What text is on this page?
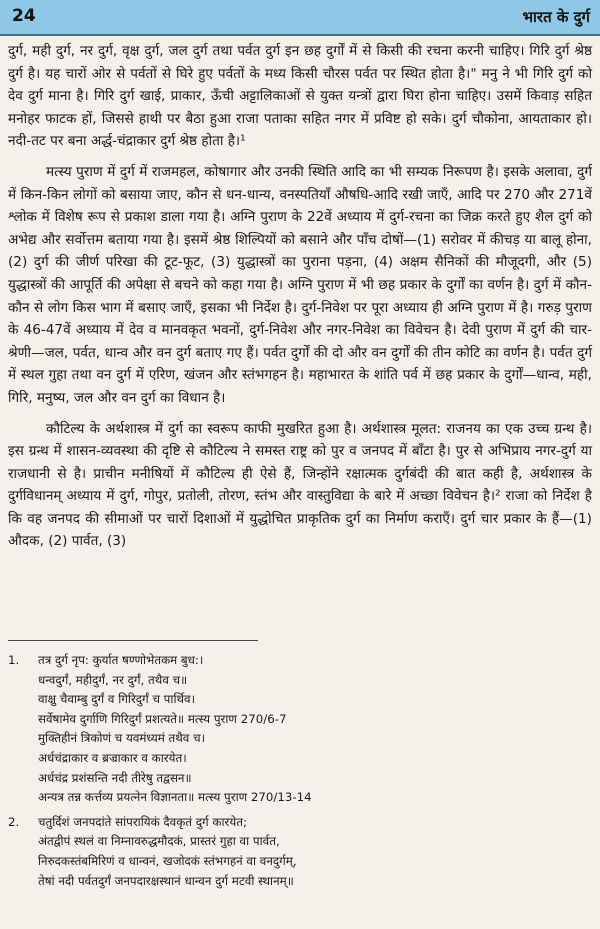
24	भारत के दुर्ग

दुर्ग, मही दुर्ग, नर दुर्ग, वृक्ष दुर्ग, जल दुर्ग तथा पर्वत दुर्ग इन छह दुर्गों में से किसी की रचना करनी चाहिए। गिरि दुर्ग श्रेष्ठ दुर्ग है। यह चारों ओर से पर्वतों से घिरे हुए पर्वतों के मध्य किसी चौरस पर्वत पर स्थित होता है।" मनु ने भी गिरि दुर्ग को देव दुर्ग माना है। गिरि दुर्ग खाई, प्राकार, ऊँची अट्टालिकाओं से युक्त यन्त्रों द्वारा घिरा होना चाहिए। उसमें किवाड़ सहित मनोहर फाटक हों, जिससे हाथी पर बैठा हुआ राजा पताका सहित नगर में प्रविष्ट हो सके। दुर्ग चौकोना, आयताकार हो। नदी-तट पर बना अर्द्ध-चंद्राकार दुर्ग श्रेष्ठ होता है।¹

मत्स्य पुराण में दुर्ग में राजमहल, कोषागार और उनकी स्थिति आदि का भी सम्यक निरूपण है। इसके अलावा, दुर्ग में किन-किन लोगों को बसाया जाए, कौन से धन-धान्य, वनस्पतियाँ औषधि-आदि रखी जाएँ, आदि पर 270 और 271वें श्लोक में विशेष रूप से प्रकाश डाला गया है। अग्नि पुराण के 22वें अध्याय में दुर्ग-रचना का जिक्र करते हुए शैल दुर्ग को अभेद्य और सर्वोत्तम बताया गया है। इसमें श्रेष्ठ शिल्पियों को बसाने और पाँच दोषों—(1) सरोवर में कीचड़ या बालू होना, (2) दुर्ग की जीर्ण परिखा की टूट-फूट, (3) युद्धास्त्रों का पुराना पड़ना, (4) अक्षम सैनिकों की मौजूदगी, और (5) युद्धास्त्रों की आपूर्ति की अपेक्षा से बचने को कहा गया है। अग्नि पुराण में भी छह प्रकार के दुर्गों का वर्णन है। दुर्ग में कौन-कौन से लोग किस भाग में बसाए जाएँ, इसका भी निर्देश है। दुर्ग-निवेश पर पूरा अध्याय ही अग्नि पुराण में है। गरुड़ पुराण के 46-47वें अध्याय में देव व मानवकृत भवनों, दुर्ग-निवेश और नगर-निवेश का विवेचन है। देवी पुराण में दुर्ग की चार-श्रेणी—जल, पर्वत, धान्व और वन दुर्ग बताए गए हैं। पर्वत दुर्गों की दो और वन दुर्गों की तीन कोटि का वर्णन है। पर्वत दुर्ग में स्थल गुहा तथा वन दुर्ग में एरिण, खंजन और स्तंभगहन है। महाभारत के शांति पर्व में छह प्रकार के दुर्गों—धान्व, मही, गिरि, मनुष्य, जल और वन दुर्ग का विधान है।

कौटिल्य के अर्थशास्त्र में दुर्ग का स्वरूप काफी मुखरित हुआ है। अर्थशास्त्र मूलत: राजनय का एक उच्च ग्रन्थ है। इस ग्रन्थ में शासन-व्यवस्था की दृष्टि से कौटिल्य ने समस्त राष्ट्र को पुर व जनपद में बाँटा है। पुर से अभिप्राय नगर-दुर्ग या राजधानी से है। प्राचीन मनीषियों में कौटिल्य ही ऐसे हैं, जिन्होंने रक्षात्मक दुर्गबंदी की बात कही है, अर्थशास्त्र के दुर्गविधानम् अध्याय में दुर्ग, गोपुर, प्रतोली, तोरण, स्तंभ और वास्तुविद्या के बारे में अच्छा विवेचन है।² राजा को निर्देश है कि वह जनपद की सीमाओं पर चारों दिशाओं में युद्धोचित प्राकृतिक दुर्ग का निर्माण कराएँ। दुर्ग चार प्रकार के हैं—(1) औदक, (2) पार्वत, (3)

1.	तत्र दुर्ग नृप: कुर्यात षण्णोभेतकम बुध:।
धन्वदुर्गं, महीदुर्गं, नर दुर्गं, तथैव च॥
वाक्षु चैवाम्बु दुर्गं व गिरिदुर्गं च पार्थिव।
सर्वेषामेव दुर्गाणि गिरिदुर्गं प्रशत्यते॥ मत्स्य पुराण 270/6-7
मुक्तिहीनं त्रिकोणं च यवमंध्यमं तथैव च।
अर्धचंद्राकार व ब्रज्राकार व कारयेत।
अर्धचंद्र प्रशंसन्ति नदी तीरेषु तद्वसन॥
अन्यत्र तन्न कर्त्तव्य प्रयत्नेन विज्ञानता॥ मत्स्य पुराण 270/13-14
2.	चतुर्दिशं जनपदांते सांपरायिकं दैवकृतं दुर्ग कारयेत;
अंतद्वीपं स्थलं वा निम्नावरुद्धमौदकं, प्रास्तरं गुहा वा पार्वत,
निरुदकस्तंबमिरिणं व धान्वनं, खजोदकं स्तंभगहनं वा वनदुर्गम्,
तेषां नदी पर्वतदुर्गं जनपदारक्षस्थानं धान्वन दुर्ग मटवी स्थानम्॥
